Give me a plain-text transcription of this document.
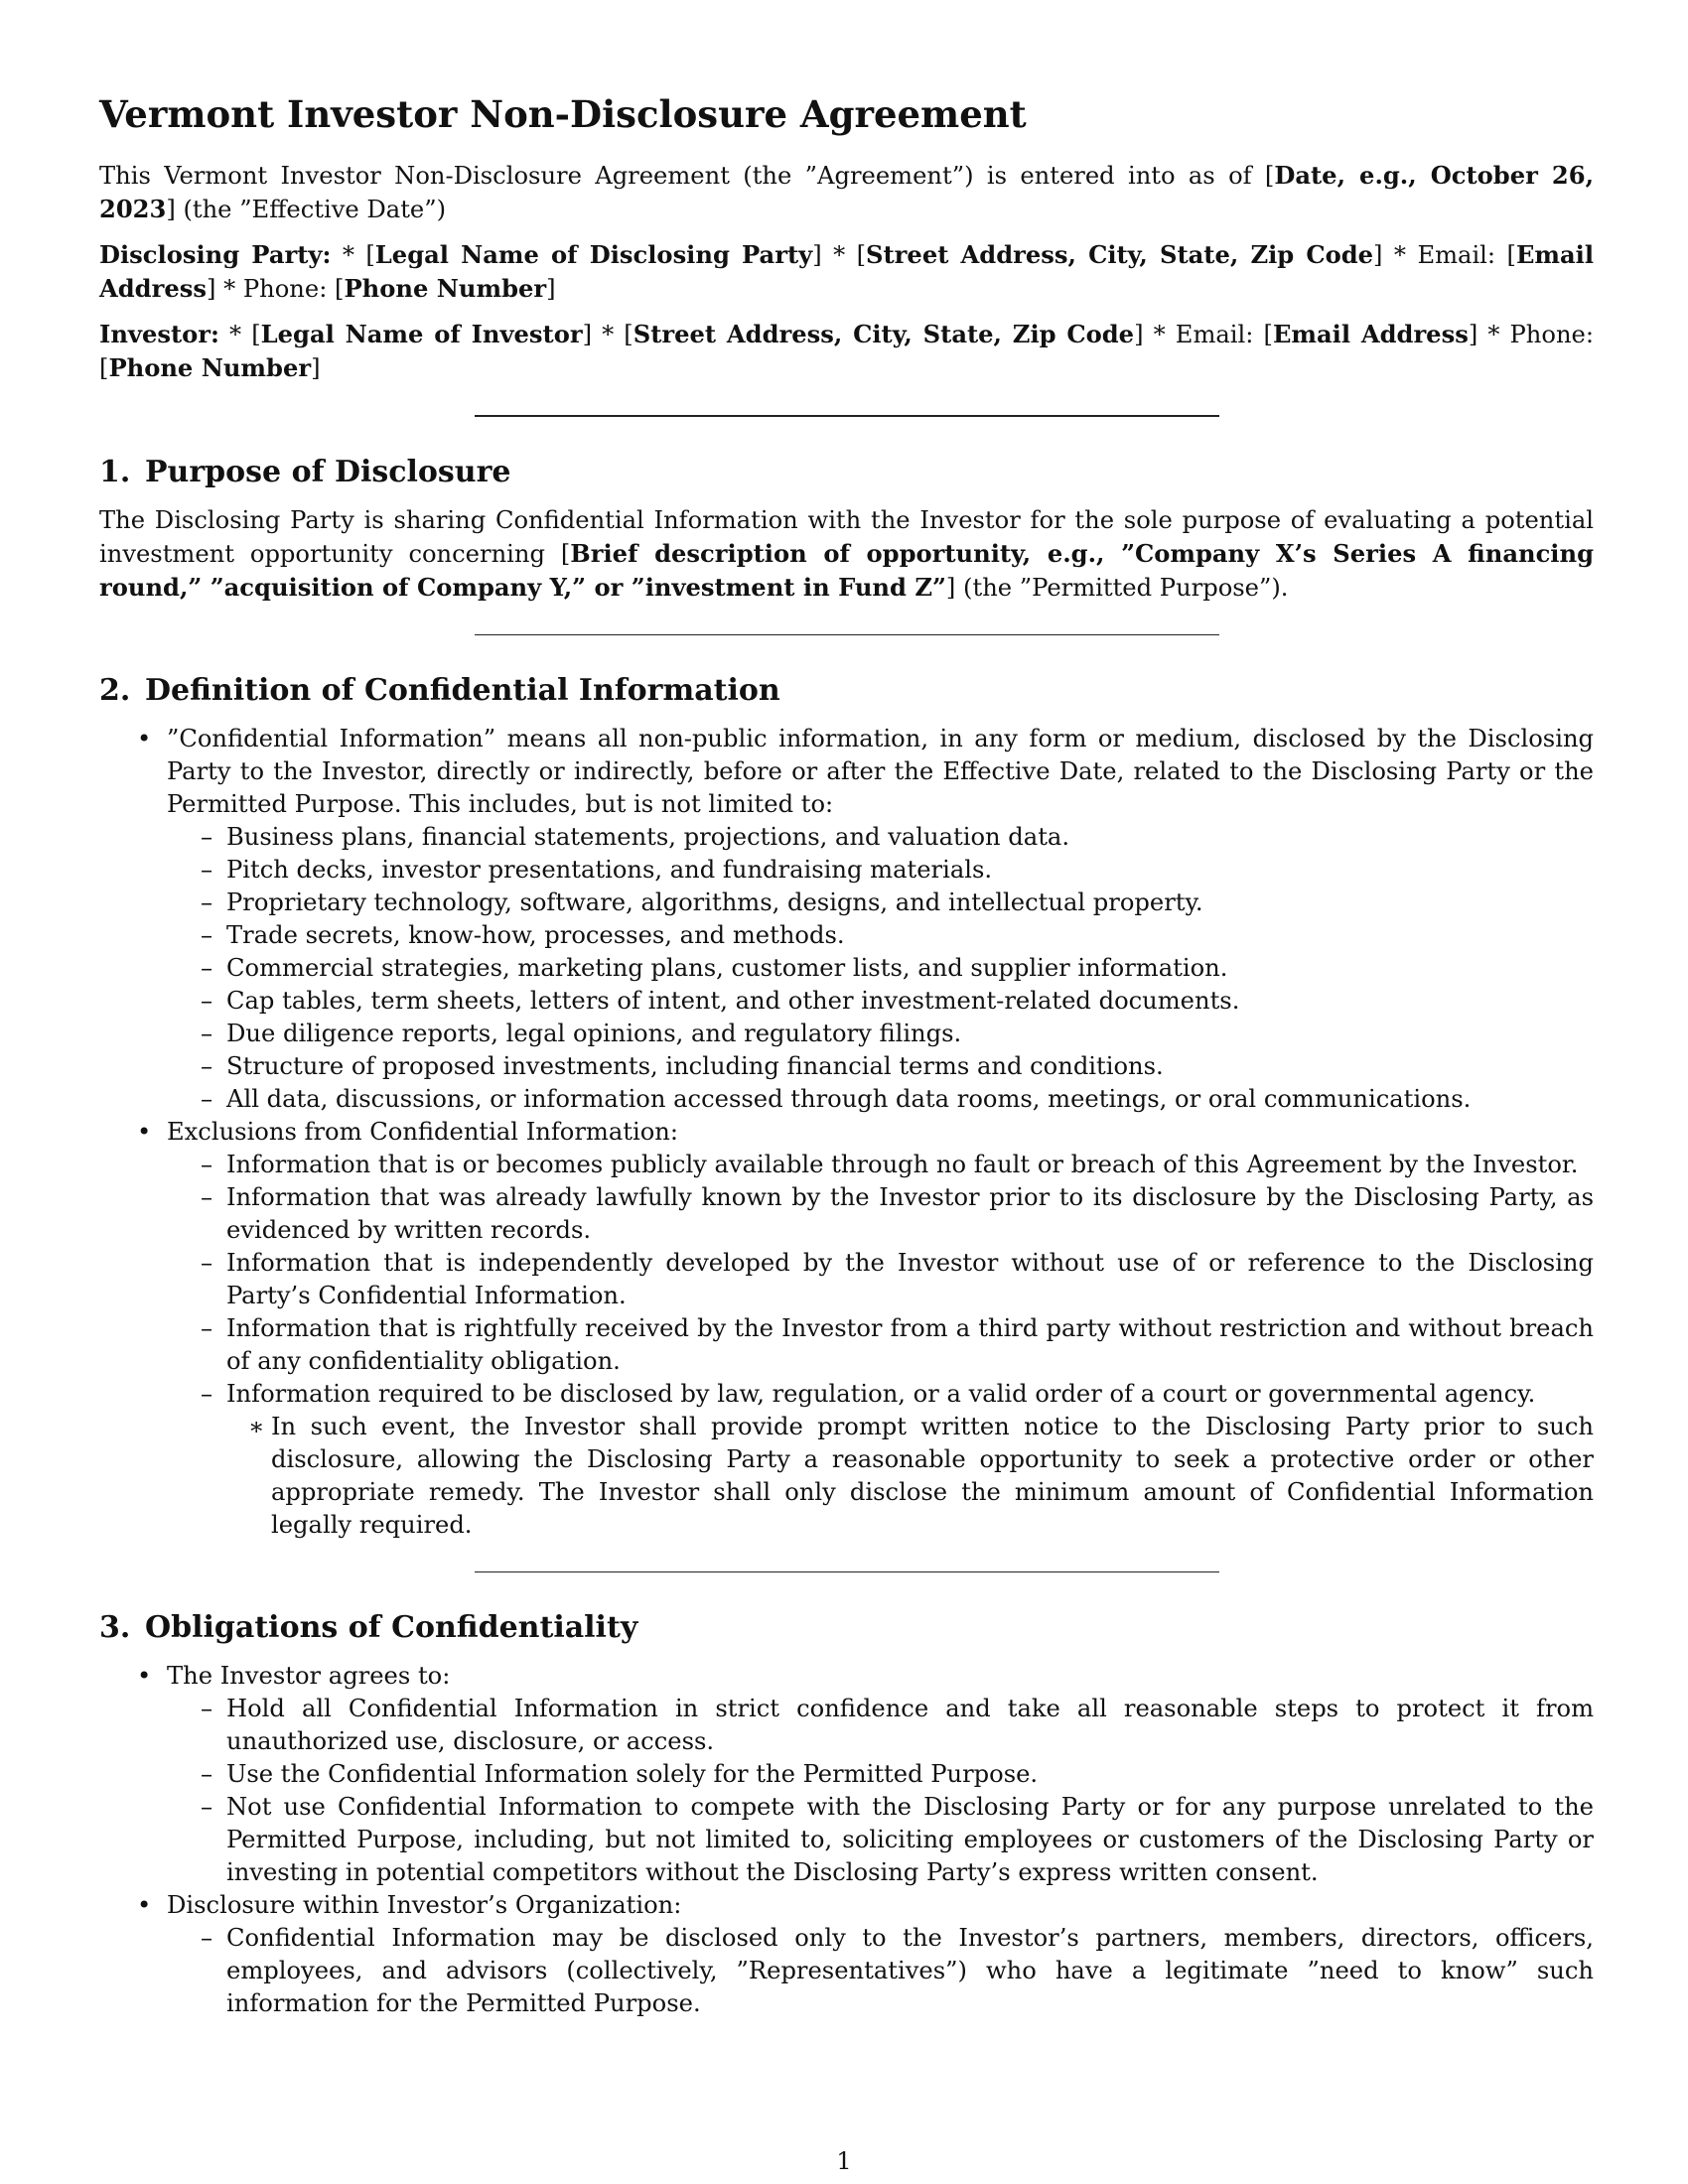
Vermont Investor Non-Disclosure Agreement

This Vermont Investor Non-Disclosure Agreement (the ”Agreement”) is entered into as of [Date, e.g., October 26, 2023] (the ”Effective Date”)

Disclosing Party: * [Legal Name of Disclosing Party] * [Street Address, City, State, Zip Code] * Email: [Email Address] * Phone: [Phone Number]

Investor: * [Legal Name of Investor] * [Street Address, City, State, Zip Code] * Email: [Email Address] * Phone: [Phone Number]

1. Purpose of Disclosure

The Disclosing Party is sharing Confidential Information with the Investor for the sole purpose of evaluating a potential investment opportunity concerning [Brief description of opportunity, e.g., ”Company X’s Series A financing round,” ”acquisition of Company Y,” or ”investment in Fund Z”] (the ”Permitted Purpose”).

2. Definition of Confidential Information
• ”Confidential Information” means all non-public information, in any form or medium, disclosed by the Disclosing Party to the Investor, directly or indirectly, before or after the Effective Date, related to the Disclosing Party or the Permitted Purpose. This includes, but is not limited to:
– Business plans, financial statements, projections, and valuation data.
– Pitch decks, investor presentations, and fundraising materials.
– Proprietary technology, software, algorithms, designs, and intellectual property.
– Trade secrets, know-how, processes, and methods.
– Commercial strategies, marketing plans, customer lists, and supplier information.
– Cap tables, term sheets, letters of intent, and other investment-related documents.
– Due diligence reports, legal opinions, and regulatory filings.
– Structure of proposed investments, including financial terms and conditions.
– All data, discussions, or information accessed through data rooms, meetings, or oral communications.
• Exclusions from Confidential Information:
– Information that is or becomes publicly available through no fault or breach of this Agreement by the Investor.
– Information that was already lawfully known by the Investor prior to its disclosure by the Disclosing Party, as evidenced by written records.
– Information that is independently developed by the Investor without use of or reference to the Disclosing Party’s Confidential Information.
– Information that is rightfully received by the Investor from a third party without restriction and without breach of any confidentiality obligation.
– Information required to be disclosed by law, regulation, or a valid order of a court or governmental agency.
∗ In such event, the Investor shall provide prompt written notice to the Disclosing Party prior to such disclosure, allowing the Disclosing Party a reasonable opportunity to seek a protective order or other appropriate remedy. The Investor shall only disclose the minimum amount of Confidential Information legally required.
3. Obligations of Confidentiality
• The Investor agrees to:
– Hold all Confidential Information in strict confidence and take all reasonable steps to protect it from unauthorized use, disclosure, or access.
– Use the Confidential Information solely for the Permitted Purpose.
– Not use Confidential Information to compete with the Disclosing Party or for any purpose unrelated to the Permitted Purpose, including, but not limited to, soliciting employees or customers of the Disclosing Party or investing in potential competitors without the Disclosing Party’s express written consent.
• Disclosure within Investor’s Organization:
– Confidential Information may be disclosed only to the Investor’s partners, members, directors, officers, employees, and advisors (collectively, ”Representatives”) who have a legitimate ”need to know” such information for the Permitted Purpose.
1
